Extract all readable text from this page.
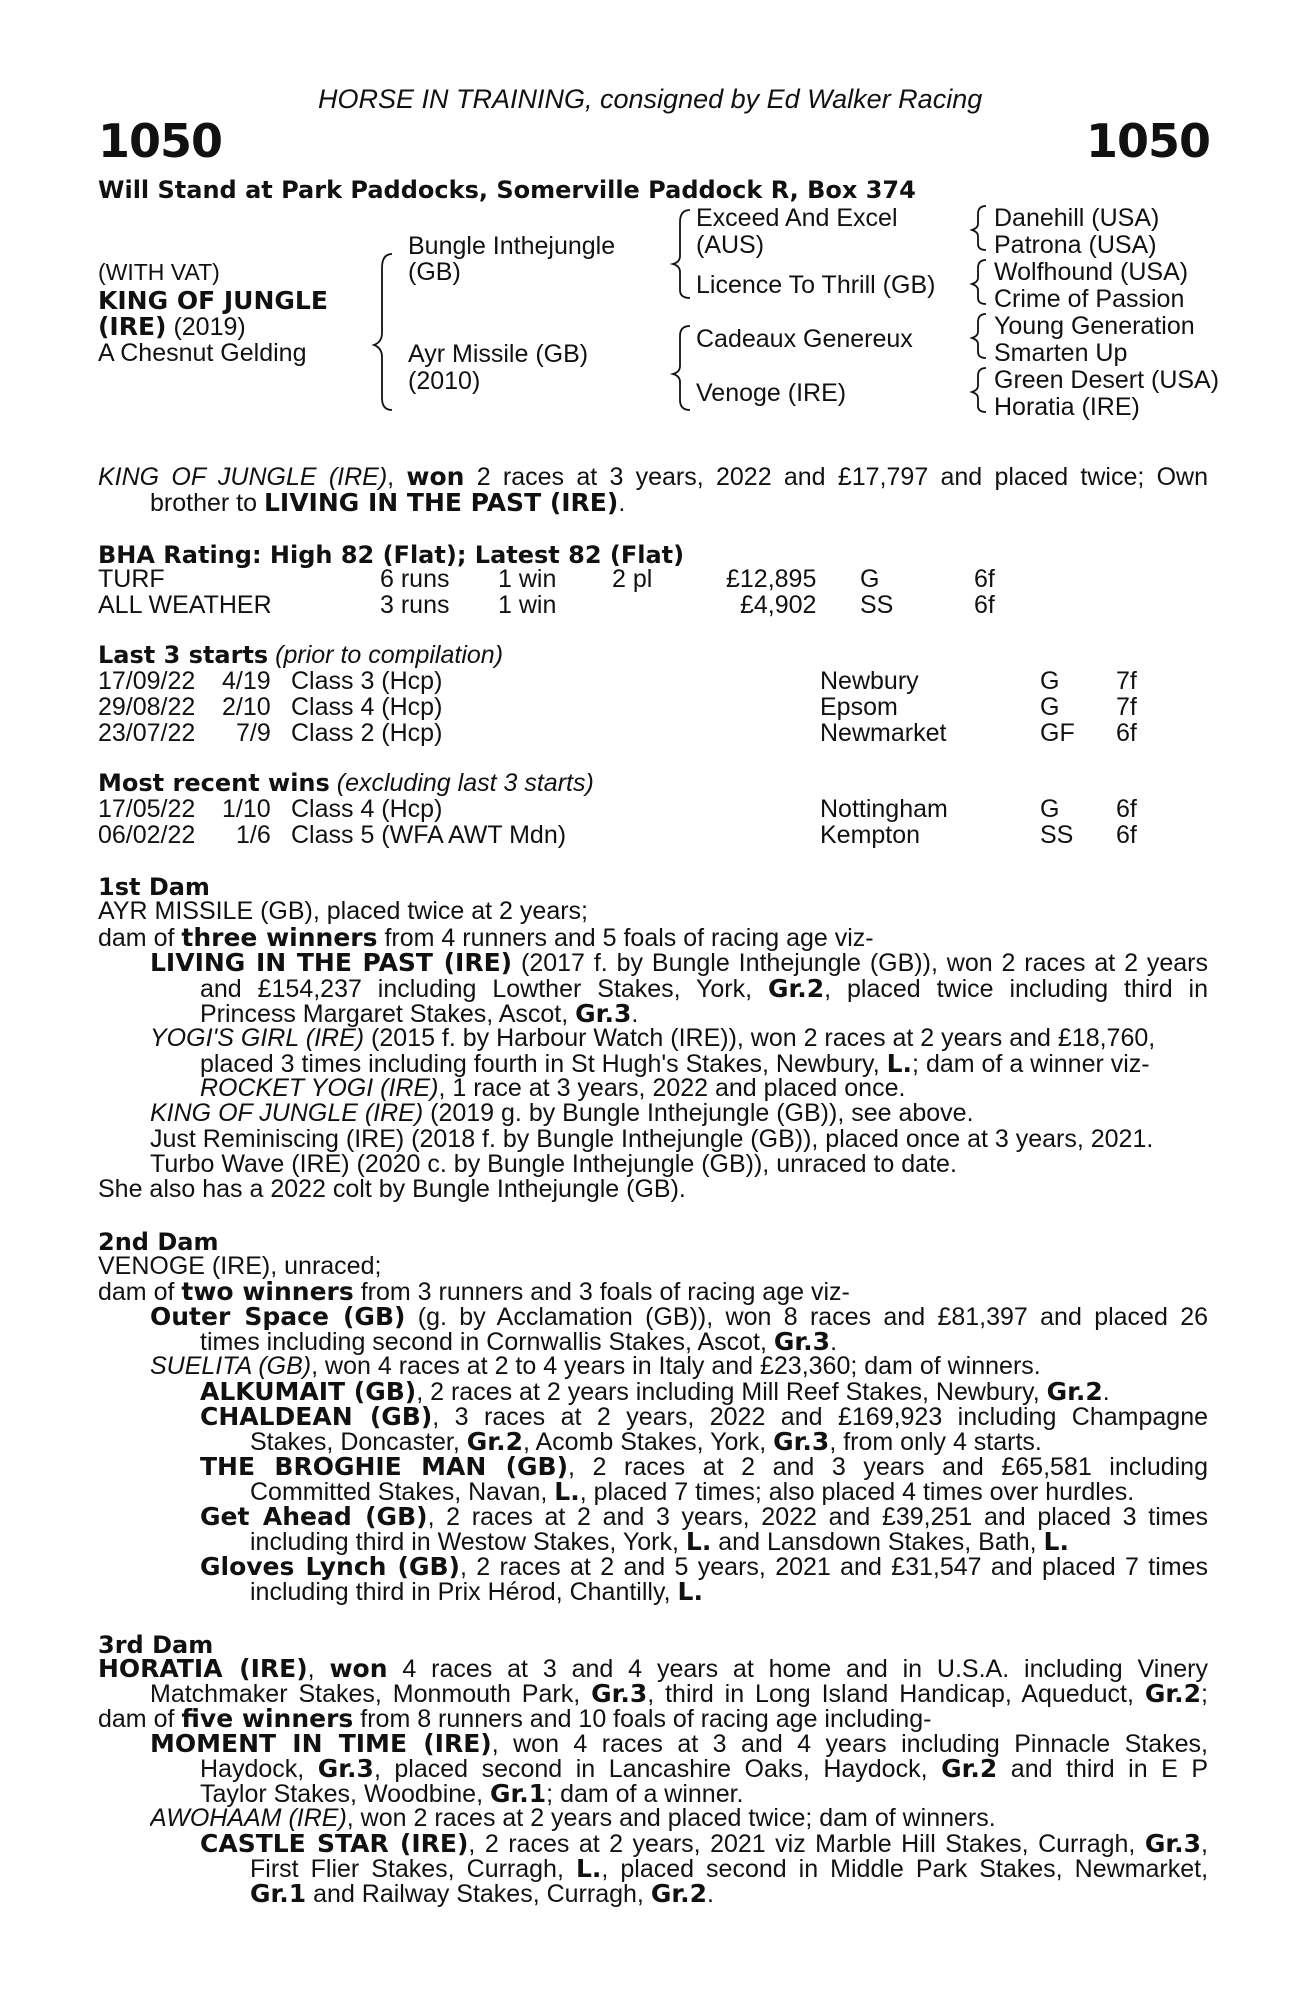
HORSE IN TRAINING, consigned by Ed Walker Racing
1050	1050
Will Stand at Park Paddocks, Somerville Paddock R, Box 374
(WITH VAT)
KING OF JUNGLE
(IRE) (2019)
A Chesnut Gelding
Bungle Inthejungle
(GB)
Ayr Missile (GB)
(2010)
Exceed And Excel
(AUS)
Licence To Thrill (GB)
Cadeaux Genereux
Venoge (IRE)
Danehill (USA)
Patrona (USA)
Wolfhound (USA)
Crime of Passion
Young Generation
Smarten Up
Green Desert (USA)
Horatia (IRE)
KING OF JUNGLE (IRE), won 2 races at 3 years, 2022 and £17,797 and placed twice; Own
brother to LIVING IN THE PAST (IRE).
BHA Rating: High 82 (Flat); Latest 82 (Flat)
TURF	6 runs 1 win 2 pl	£12,895 G	6f
ALL WEATHER	3 runs 1 win	£4,902 SS	6f
Last 3 starts (prior to compilation)
17/09/22 4/19 Class 3 (Hcp)	Newbury	G 7f
29/08/22 2/10 Class 4 (Hcp)	Epsom	G 7f
23/07/22 7/9 Class 2 (Hcp)	Newmarket	GF 6f
Most recent wins (excluding last 3 starts)
17/05/22 1/10 Class 4 (Hcp)	Nottingham	G 6f
06/02/22 1/6 Class 5 (WFA AWT Mdn)	Kempton	SS 6f
1st Dam
AYR MISSILE (GB), placed twice at 2 years;
dam of three winners from 4 runners and 5 foals of racing age viz-
LIVING IN THE PAST (IRE) (2017 f. by Bungle Inthejungle (GB)), won 2 races at 2 years
and £154,237 including Lowther Stakes, York, Gr.2, placed twice including third in
Princess Margaret Stakes, Ascot, Gr.3.
YOGI'S GIRL (IRE) (2015 f. by Harbour Watch (IRE)), won 2 races at 2 years and £18,760,
placed 3 times including fourth in St Hugh's Stakes, Newbury, L.; dam of a winner viz-
ROCKET YOGI (IRE), 1 race at 3 years, 2022 and placed once.
KING OF JUNGLE (IRE) (2019 g. by Bungle Inthejungle (GB)), see above.
Just Reminiscing (IRE) (2018 f. by Bungle Inthejungle (GB)), placed once at 3 years, 2021.
Turbo Wave (IRE) (2020 c. by Bungle Inthejungle (GB)), unraced to date.
She also has a 2022 colt by Bungle Inthejungle (GB).
2nd Dam
VENOGE (IRE), unraced;
dam of two winners from 3 runners and 3 foals of racing age viz-
Outer Space (GB) (g. by Acclamation (GB)), won 8 races and £81,397 and placed 26
times including second in Cornwallis Stakes, Ascot, Gr.3.
SUELITA (GB), won 4 races at 2 to 4 years in Italy and £23,360; dam of winners.
ALKUMAIT (GB), 2 races at 2 years including Mill Reef Stakes, Newbury, Gr.2.
CHALDEAN (GB), 3 races at 2 years, 2022 and £169,923 including Champagne
Stakes, Doncaster, Gr.2, Acomb Stakes, York, Gr.3, from only 4 starts.
THE BROGHIE MAN (GB), 2 races at 2 and 3 years and £65,581 including
Committed Stakes, Navan, L., placed 7 times; also placed 4 times over hurdles.
Get Ahead (GB), 2 races at 2 and 3 years, 2022 and £39,251 and placed 3 times
including third in Westow Stakes, York, L. and Lansdown Stakes, Bath, L.
Gloves Lynch (GB), 2 races at 2 and 5 years, 2021 and £31,547 and placed 7 times
including third in Prix Hérod, Chantilly, L.
3rd Dam
HORATIA (IRE), won 4 races at 3 and 4 years at home and in U.S.A. including Vinery
Matchmaker Stakes, Monmouth Park, Gr.3, third in Long Island Handicap, Aqueduct, Gr.2;
dam of five winners from 8 runners and 10 foals of racing age including-
MOMENT IN TIME (IRE), won 4 races at 3 and 4 years including Pinnacle Stakes,
Haydock, Gr.3, placed second in Lancashire Oaks, Haydock, Gr.2 and third in E P
Taylor Stakes, Woodbine, Gr.1; dam of a winner.
AWOHAAM (IRE), won 2 races at 2 years and placed twice; dam of winners.
CASTLE STAR (IRE), 2 races at 2 years, 2021 viz Marble Hill Stakes, Curragh, Gr.3,
First Flier Stakes, Curragh, L., placed second in Middle Park Stakes, Newmarket,
Gr.1 and Railway Stakes, Curragh, Gr.2.
